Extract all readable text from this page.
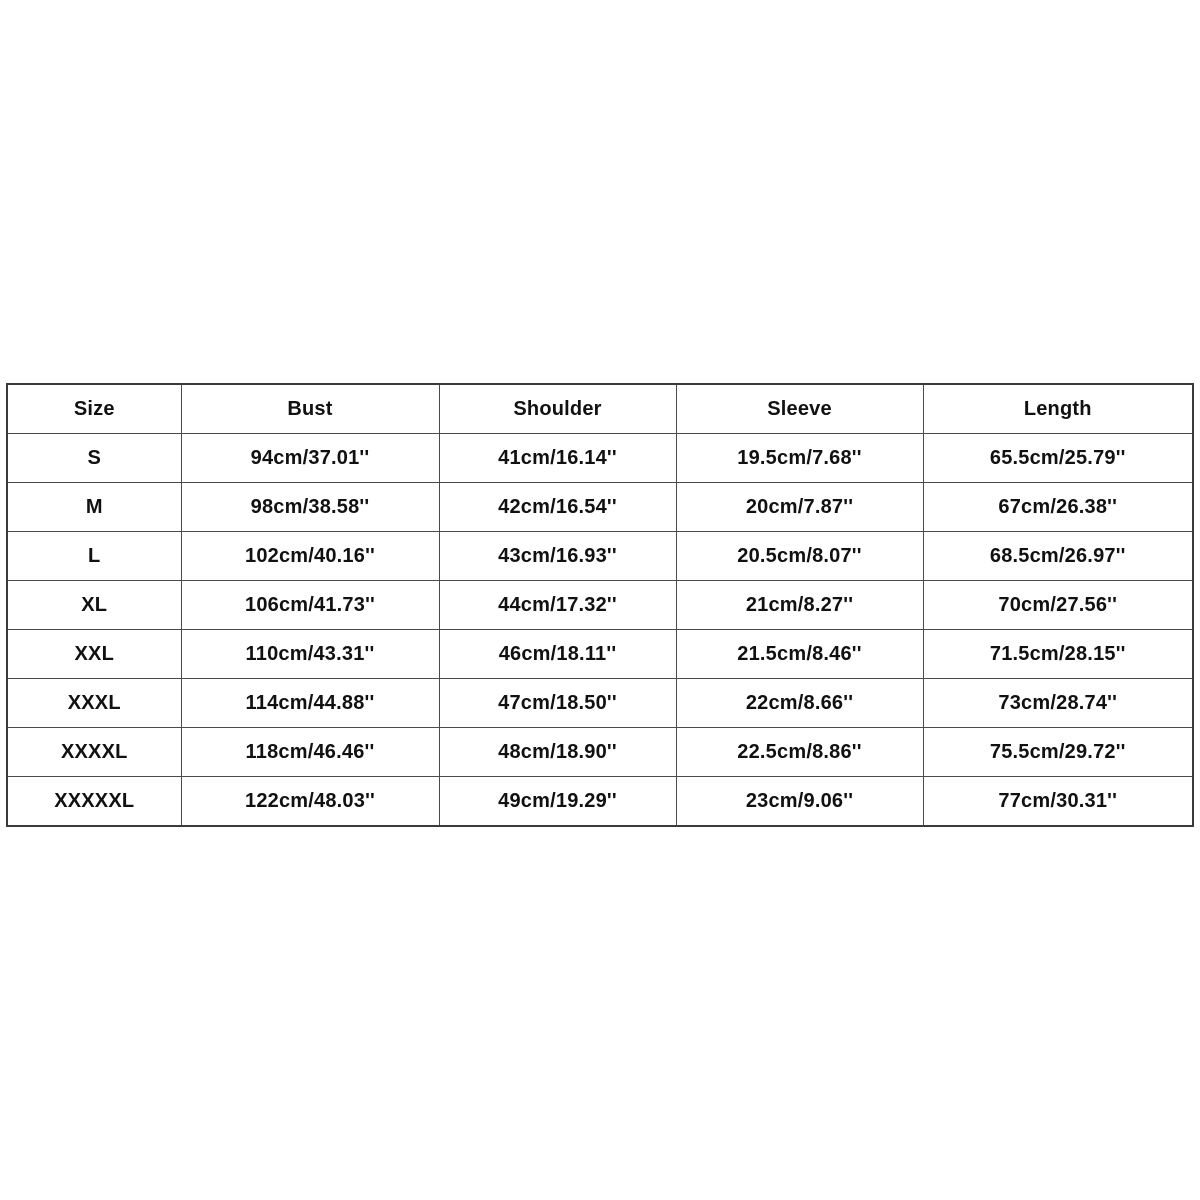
Size	Bust	Shoulder	Sleeve	Length
S	94cm/37.01''	41cm/16.14''	19.5cm/7.68''	65.5cm/25.79''
M	98cm/38.58''	42cm/16.54''	20cm/7.87''	67cm/26.38''
L	102cm/40.16''	43cm/16.93''	20.5cm/8.07''	68.5cm/26.97''
XL	106cm/41.73''	44cm/17.32''	21cm/8.27''	70cm/27.56''
XXL	110cm/43.31''	46cm/18.11''	21.5cm/8.46''	71.5cm/28.15''
XXXL	114cm/44.88''	47cm/18.50''	22cm/8.66''	73cm/28.74''
XXXXL	118cm/46.46''	48cm/18.90''	22.5cm/8.86''	75.5cm/29.72''
XXXXXL	122cm/48.03''	49cm/19.29''	23cm/9.06''	77cm/30.31''
